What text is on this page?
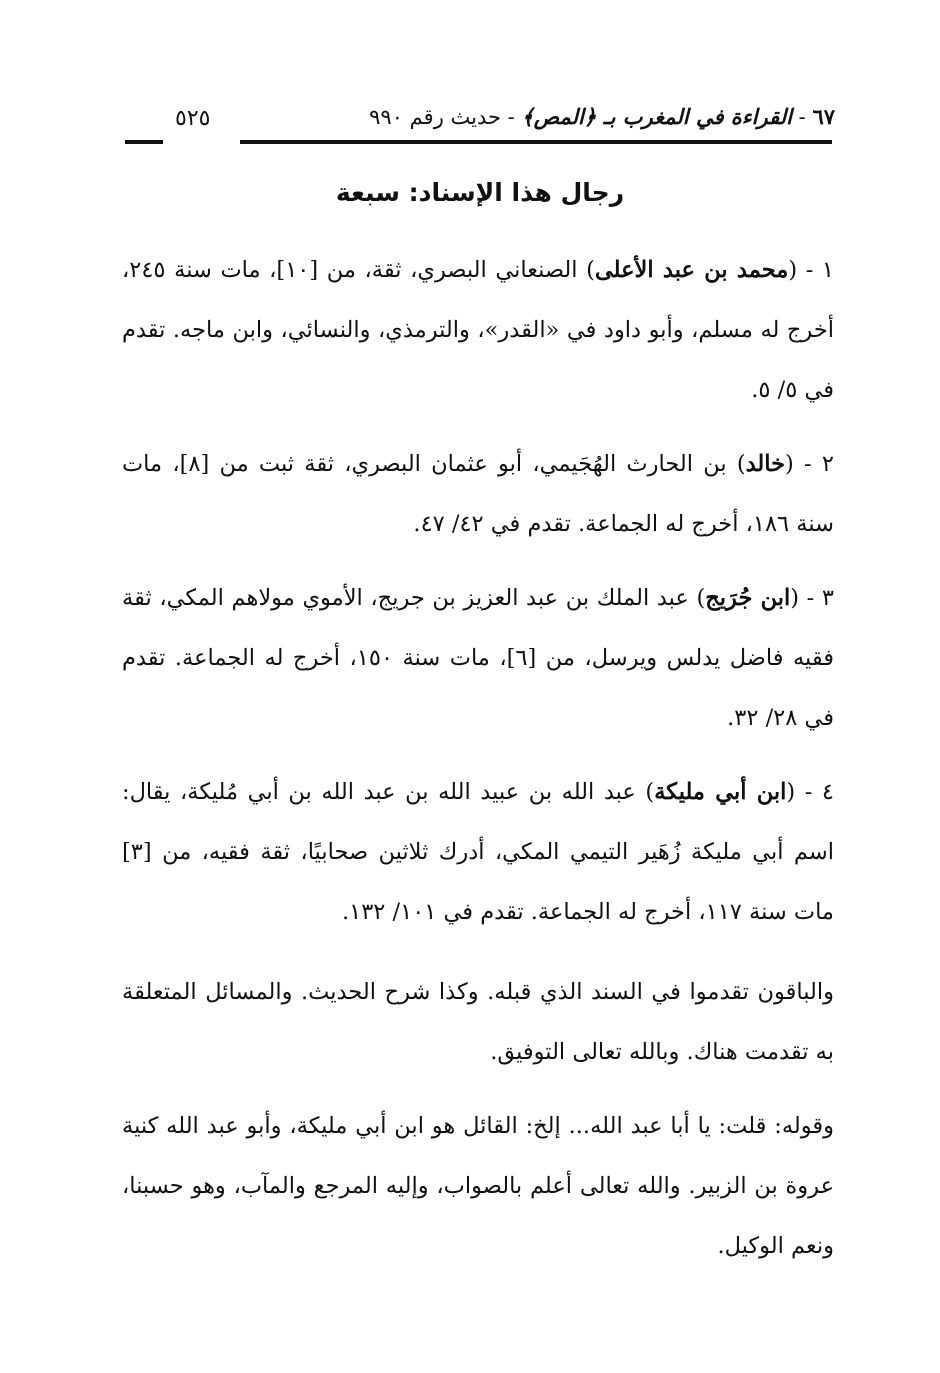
٦٧ - القراءة في المغرب بـ ﴿المص﴾ - حديث رقم ٩٩٠
٥٢٥
رجال هذا الإسناد: سبعة

١ - (محمد بن عبد الأعلى) الصنعاني البصري، ثقة، من [١٠]، مات سنة ٢٤٥، أخرج له مسلم، وأبو داود في «القدر»، والترمذي، والنسائي، وابن ماجه. تقدم في ٥/ ٥.

٢ - (خالد) بن الحارث الهُجَيمي، أبو عثمان البصري، ثقة ثبت من [٨]، مات سنة ١٨٦، أخرج له الجماعة. تقدم في ٤٢/ ٤٧.

٣ - (ابن جُرَيج) عبد الملك بن عبد العزيز بن جريج، الأموي مولاهم المكي، ثقة فقيه فاضل يدلس ويرسل، من [٦]، مات سنة ١٥٠، أخرج له الجماعة. تقدم في ٢٨/ ٣٢.

٤ - (ابن أبي مليكة) عبد الله بن عبيد الله بن عبد الله بن أبي مُليكة، يقال: اسم أبي مليكة زُهَير التيمي المكي، أدرك ثلاثين صحابيًا، ثقة فقيه، من [٣] مات سنة ١١٧، أخرج له الجماعة. تقدم في ١٠١/ ١٣٢.

والباقون تقدموا في السند الذي قبله. وكذا شرح الحديث. والمسائل المتعلقة به تقدمت هناك. وبالله تعالى التوفيق.

وقوله: قلت: يا أبا عبد الله... إلخ: القائل هو ابن أبي مليكة، وأبو عبد الله كنية عروة بن الزبير. والله تعالى أعلم بالصواب، وإليه المرجع والمآب، وهو حسبنا، ونعم الوكيل.
